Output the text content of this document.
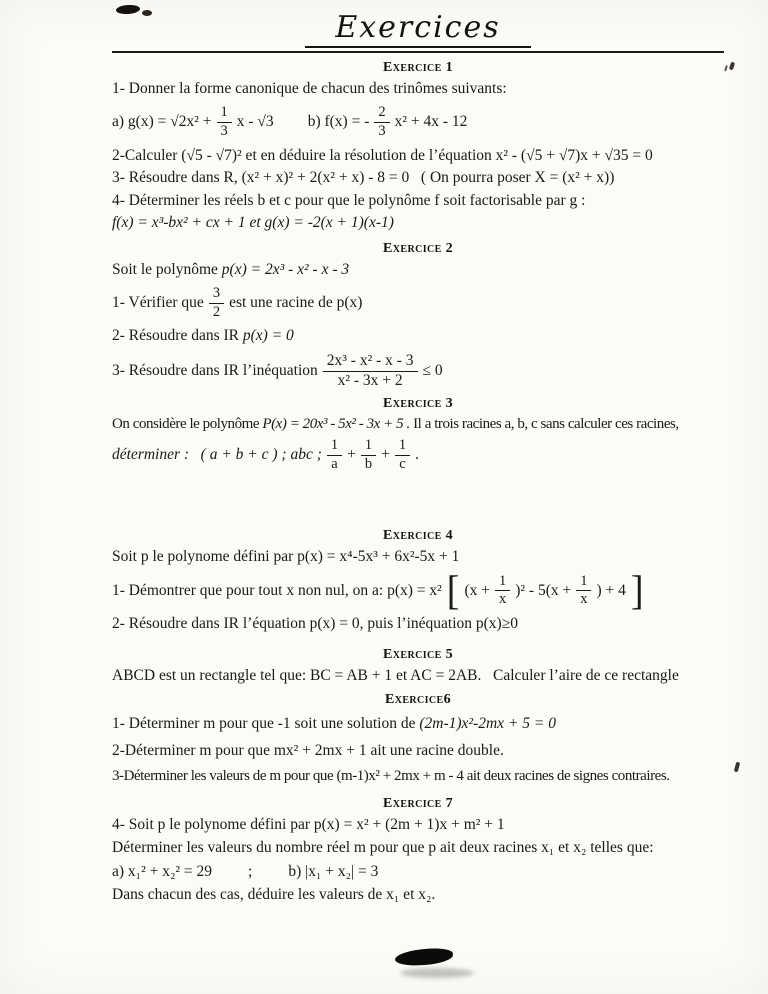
Exercices
Exercice 1

1- Donner la forme canonique de chacun des trinômes suivants:

a) $g(x) = √2x^2 + \frac{1}{3}$ x - √3 b) f(x) = - $\frac{2}{3} x^2 + 4x - 12$

2-Calculer (√5 - √7)² et en déduire la résolution de l’équation x² - (√5 + √7)x + √35 = 0

3- Résoudre dans R, (x² + x)² + 2(x² + x) - 8 = 0   ( On pourra poser X = (x² + x))

4- Déterminer les réels b et c pour que le polynôme f soit factorisable par g :

f(x) = x³-bx² + cx + 1 et g(x) = -2(x + 1)(x-1)

Exercice 2

Soit le polynôme p(x) = 2x³ - x² - x - 3

1- Vérifier que $\frac{3}{2}$ est une racine de p(x)

2- Résoudre dans IR p(x) = 0

3- Résoudre dans IR l’inéquation $\frac{\text{2x³ - x² - x - 3}}{\text{x² - 3x + 2}} \le 0$

Exercice 3

On considère le polynôme P(x) = 20x³ - 5x² - 3x + 5 . Il a trois racines a, b, c sans calculer ces racines,

déterminer :   ( a + b + c ) ; abc ; $\frac{1}{a} + \frac{1}{b} + \frac{1}{c}$ .

Exercice 4

Soit p le polynome défini par p(x) = x⁴-5x³ + 6x²-5x + 1

1- Démontrer que pour tout x non nul, on a: p(x) = x² [ $(x + \frac{1}{x} )^2 - 5(x + \frac{1}{x}$ ) + 4 ]

2- Résoudre dans IR l’équation p(x) = 0, puis l’inéquation p(x)≥0

Exercice 5

ABCD est un rectangle tel que: BC = AB + 1 et AC = 2AB.   Calculer l’aire de ce rectangle

Exercice6

1- Déterminer m pour que -1 soit une solution de (2m-1)x²-2mx + 5 = 0

2-Déterminer m pour que mx² + 2mx + 1 ait une racine double.

3-Déterminer les valeurs de m pour que (m-1)x² + 2mx + m - 4 ait deux racines de signes contraires.

Exercice 7

4- Soit p le polynome défini par p(x) = x² + (2m + 1)x + m² + 1

Déterminer les valeurs du nombre réel m pour que p ait deux racines x₁ et x₂ telles que:

a) x₁² + x₂² = 29 ; b) |x₁ + x₂| = 3

Dans chacun des cas, déduire les valeurs de x₁ et x₂.
